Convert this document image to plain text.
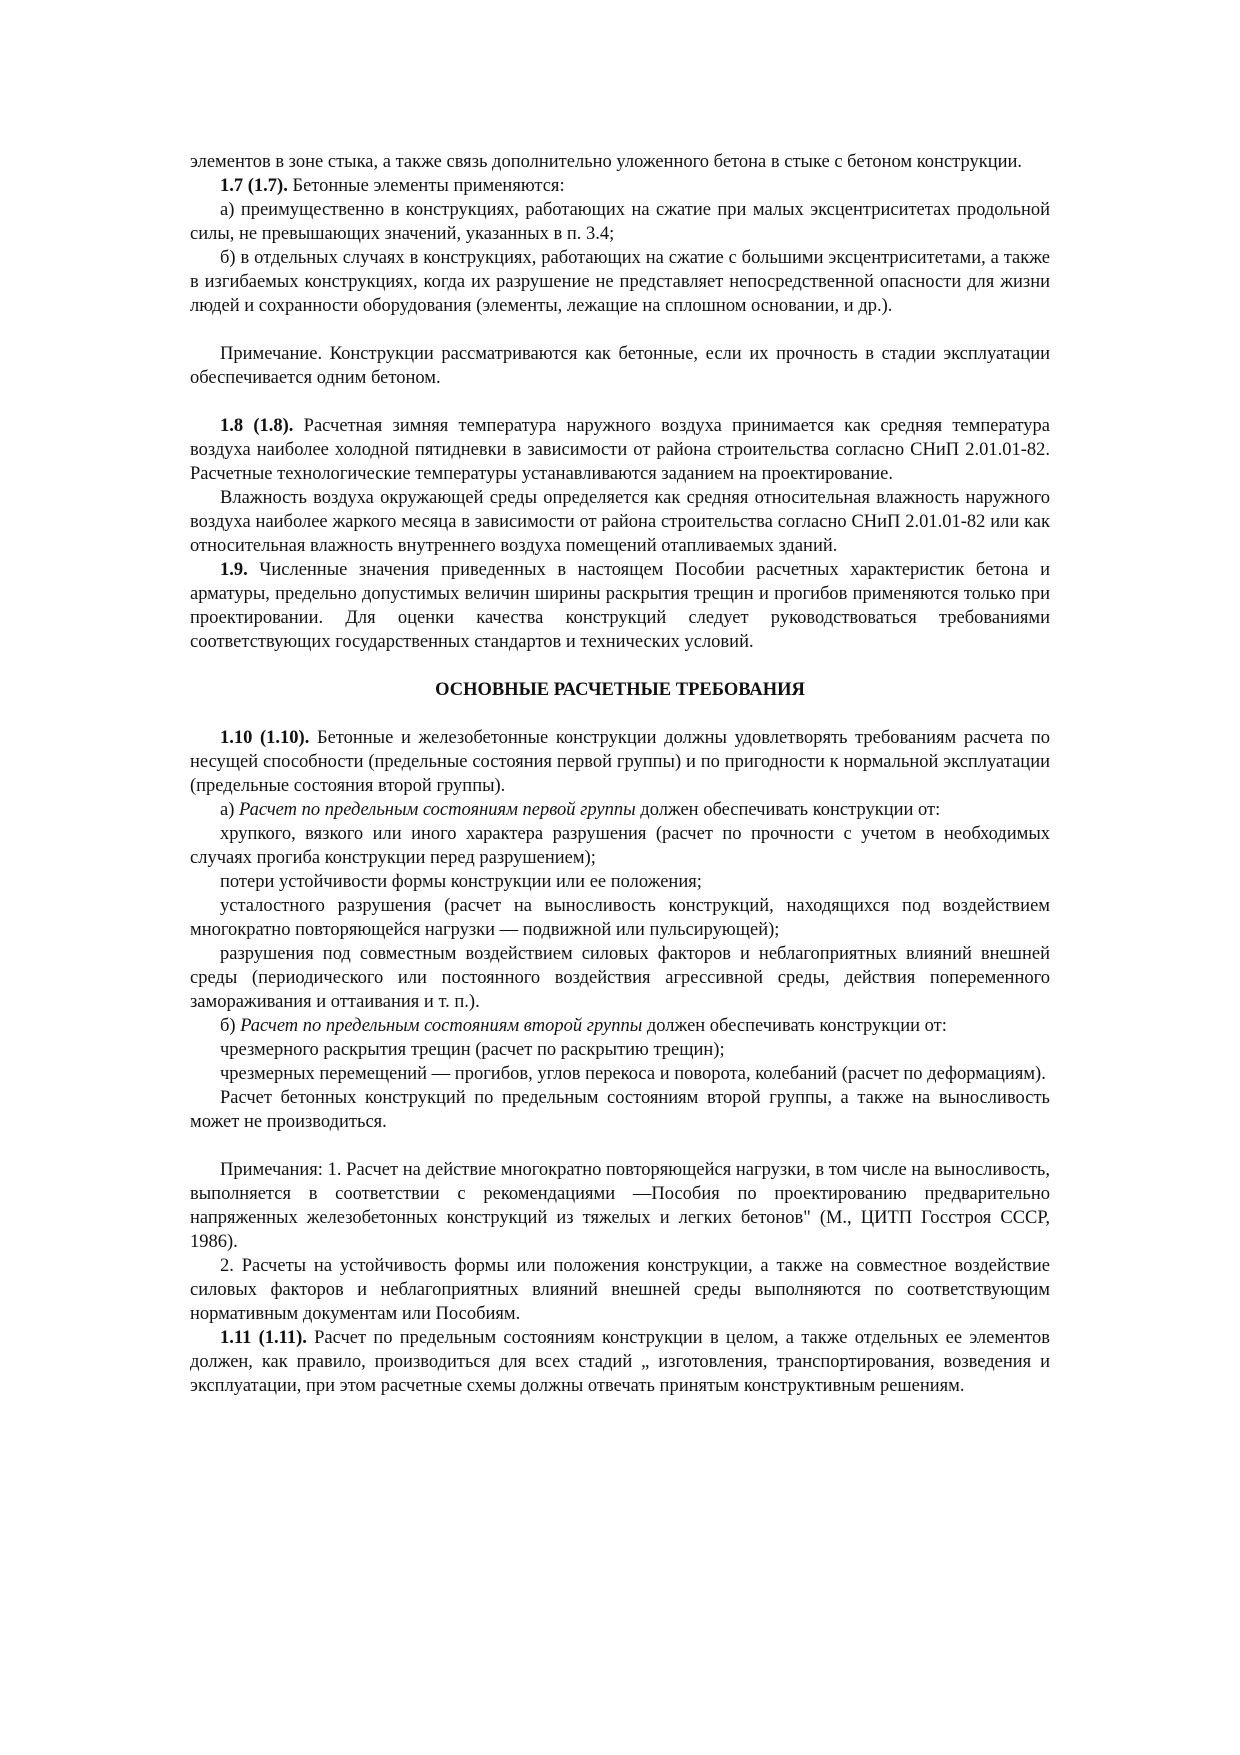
элементов в зоне стыка, а также связь дополнительно уложенного бетона в стыке с бетоном конструкции.

1.7 (1.7). Бетонные элементы применяются:

а) преимущественно в конструкциях, работающих на сжатие при малых эксцентриситетах продольной силы, не превышающих значений, указанных в п. 3.4;

б) в отдельных случаях в конструкциях, работающих на сжатие с большими эксцентриситетами, а также в изгибаемых конструкциях, когда их разрушение не представляет непосредственной опасности для жизни людей и сохранности оборудования (элементы, лежащие на сплошном основании, и др.).

Примечание. Конструкции рассматриваются как бетонные, если их прочность в стадии эксплуатации обеспечивается одним бетоном.

1.8 (1.8). Расчетная зимняя температура наружного воздуха принимается как средняя температура воздуха наиболее холодной пятидневки в зависимости от района строительства согласно СНиП 2.01.01-82. Расчетные технологические температуры устанавливаются заданием на проектирование.

Влажность воздуха окружающей среды определяется как средняя относительная влажность наружного воздуха наиболее жаркого месяца в зависимости от района строительства согласно СНиП 2.01.01-82 или как относительная влажность внутреннего воздуха помещений отапливаемых зданий.

1.9. Численные значения приведенных в настоящем Пособии расчетных характеристик бетона и арматуры, предельно допустимых величин ширины раскрытия трещин и прогибов применяются только при проектировании. Для оценки качества конструкций следует руководствоваться требованиями соответствующих государственных стандартов и технических условий.

ОСНОВНЫЕ РАСЧЕТНЫЕ ТРЕБОВАНИЯ

1.10 (1.10). Бетонные и железобетонные конструкции должны удовлетворять требованиям расчета по несущей способности (предельные состояния первой группы) и по пригодности к нормальной эксплуатации (предельные состояния второй группы).

а) Расчет по предельным состояниям первой группы должен обеспечивать конструкции от:

хрупкого, вязкого или иного характера разрушения (расчет по прочности с учетом в необходимых случаях прогиба конструкции перед разрушением);

потери устойчивости формы конструкции или ее положения;

усталостного разрушения (расчет на выносливость конструкций, находящихся под воздействием многократно повторяющейся нагрузки — подвижной или пульсирующей);

разрушения под совместным воздействием силовых факторов и неблагоприятных влияний внешней среды (периодического или постоянного воздействия агрессивной среды, действия попеременного замораживания и оттаивания и т. п.).

б) Расчет по предельным состояниям второй группы должен обеспечивать конструкции от:

чрезмерного раскрытия трещин (расчет по раскрытию трещин);

чрезмерных перемещений — прогибов, углов перекоса и поворота, колебаний (расчет по деформациям).

Расчет бетонных конструкций по предельным состояниям второй группы, а также на выносливость может не производиться.

Примечания: 1. Расчет на действие многократно повторяющейся нагрузки, в том числе на выносливость, выполняется в соответствии с рекомендациями —Пособия по проектированию предварительно напряженных железобетонных конструкций из тяжелых и легких бетонов" (М., ЦИТП Госстроя СССР, 1986).

2. Расчеты на устойчивость формы или положения конструкции, а также на совместное воздействие силовых факторов и неблагоприятных влияний внешней среды выполняются по соответствующим нормативным документам или Пособиям.

1.11 (1.11). Расчет по предельным состояниям конструкции в целом, а также отдельных ее элементов должен, как правило, производиться для всех стадий „ изготовления, транспортирования, возведения и эксплуатации, при этом расчетные схемы должны отвечать принятым конструктивным решениям.
